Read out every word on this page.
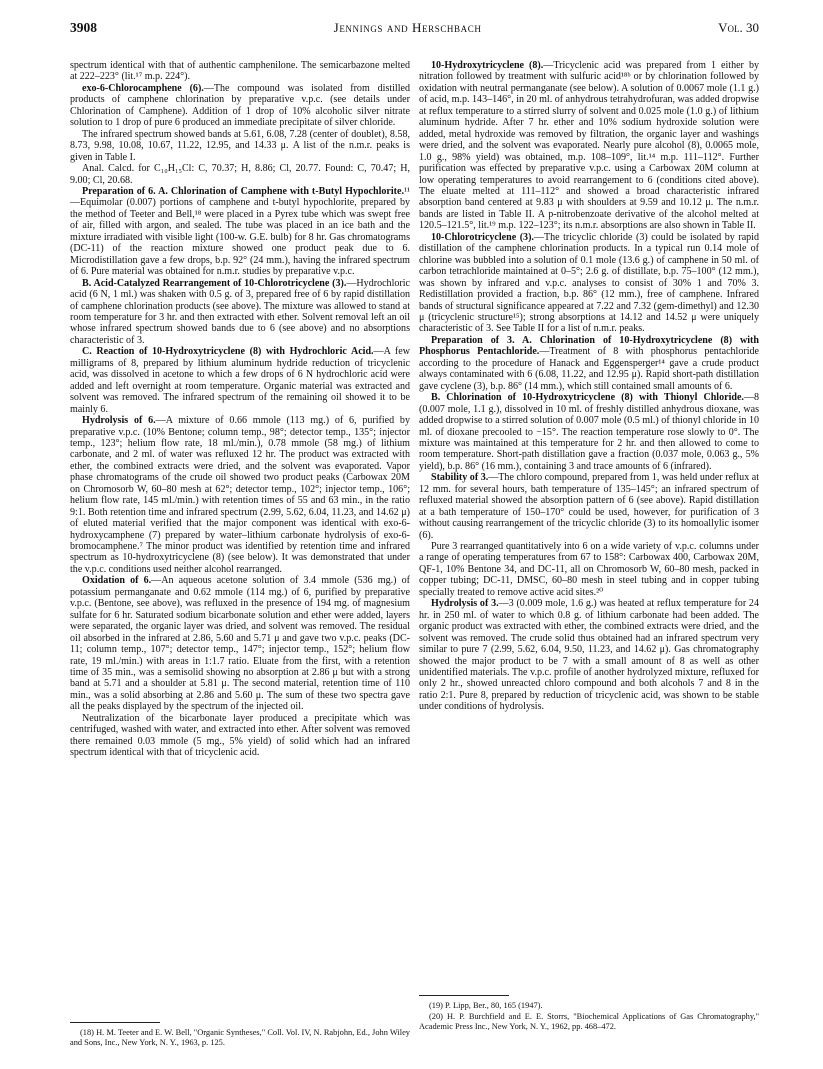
3908	Jennings and Herschbach	Vol. 30

spectrum identical with that of authentic camphenilone. The semicarbazone melted at 222–223° (lit.¹⁷ m.p. 224°).

exo-6-Chlorocamphene (6).—The compound was isolated from distilled products of camphene chlorination by preparative v.p.c. (see details under Chlorination of Camphene). Addition of 1 drop of 10% alcoholic silver nitrate solution to 1 drop of pure 6 produced an immediate precipitate of silver chloride.

The infrared spectrum showed bands at 5.61, 6.08, 7.28 (center of doublet), 8.58, 8.73, 9.98, 10.08, 10.67, 11.22, 12.95, and 14.33 μ. A list of the n.m.r. peaks is given in Table I.

Anal. Calcd. for C₁₀H₁₅Cl: C, 70.37; H, 8.86; Cl, 20.77. Found: C, 70.47; H, 9.00; Cl, 20.68.

Preparation of 6. A. Chlorination of Camphene with t-Butyl Hypochlorite.¹¹—Equimolar (0.007) portions of camphene and t-butyl hypochlorite, prepared by the method of Teeter and Bell,¹⁸ were placed in a Pyrex tube which was swept free of air, filled with argon, and sealed. The tube was placed in an ice bath and the mixture irradiated with visible light (100-w. G.E. bulb) for 8 hr. Gas chromatograms (DC-11) of the reaction mixture showed one product peak due to 6. Microdistillation gave a few drops, b.p. 92° (24 mm.), having the infrared spectrum of 6. Pure material was obtained for n.m.r. studies by preparative v.p.c.

B. Acid-Catalyzed Rearrangement of 10-Chlorotricyclene (3).—Hydrochloric acid (6 N, 1 ml.) was shaken with 0.5 g. of 3, prepared free of 6 by rapid distillation of camphene chlorination products (see above). The mixture was allowed to stand at room temperature for 3 hr. and then extracted with ether. Solvent removal left an oil whose infrared spectrum showed bands due to 6 (see above) and no absorptions characteristic of 3.

C. Reaction of 10-Hydroxytricyclene (8) with Hydrochloric Acid.—A few milligrams of 8, prepared by lithium aluminum hydride reduction of tricyclenic acid, was dissolved in acetone to which a few drops of 6 N hydrochloric acid were added and left overnight at room temperature. Organic material was extracted and solvent was removed. The infrared spectrum of the remaining oil showed it to be mainly 6.

Hydrolysis of 6.—A mixture of 0.66 mmole (113 mg.) of 6, purified by preparative v.p.c. (10% Bentone; column temp., 98°; detector temp., 135°; injector temp., 123°; helium flow rate, 18 ml./min.), 0.78 mmole (58 mg.) of lithium carbonate, and 2 ml. of water was refluxed 12 hr. The product was extracted with ether, the combined extracts were dried, and the solvent was evaporated. Vapor phase chromatograms of the crude oil showed two product peaks (Carbowax 20M on Chromosorb W, 60–80 mesh at 62°; detector temp., 102°; injector temp., 106°; helium flow rate, 145 ml./min.) with retention times of 55 and 63 min., in the ratio 9:1. Both retention time and infrared spectrum (2.99, 5.62, 6.04, 11.23, and 14.62 μ) of eluted material verified that the major component was identical with exo-6-hydroxycamphene (7) prepared by water–lithium carbonate hydrolysis of exo-6-bromocamphene.⁷ The minor product was identified by retention time and infrared spectrum as 10-hydroxytricyclene (8) (see below). It was demonstrated that under the v.p.c. conditions used neither alcohol rearranged.

Oxidation of 6.—An aqueous acetone solution of 3.4 mmole (536 mg.) of potassium permanganate and 0.62 mmole (114 mg.) of 6, purified by preparative v.p.c. (Bentone, see above), was refluxed in the presence of 194 mg. of magnesium sulfate for 6 hr. Saturated sodium bicarbonate solution and ether were added, layers were separated, the organic layer was dried, and solvent was removed. The residual oil absorbed in the infrared at 2.86, 5.60 and 5.71 μ and gave two v.p.c. peaks (DC-11; column temp., 107°; detector temp., 147°; injector temp., 152°; helium flow rate, 19 ml./min.) with areas in 1:1.7 ratio. Eluate from the first, with a retention time of 35 min., was a semisolid showing no absorption at 2.86 μ but with a strong band at 5.71 and a shoulder at 5.81 μ. The second material, retention time of 110 min., was a solid absorbing at 2.86 and 5.60 μ. The sum of these two spectra gave all the peaks displayed by the spectrum of the injected oil.

Neutralization of the bicarbonate layer produced a precipitate which was centrifuged, washed with water, and extracted into ether. After solvent was removed there remained 0.03 mmole (5 mg., 5% yield) of solid which had an infrared spectrum identical with that of tricyclenic acid.

10-Hydroxytricyclene (8).—Tricyclenic acid was prepared from 1 either by nitration followed by treatment with sulfuric acid¹⁸ᵇ or by chlorination followed by oxidation with neutral permanganate (see below). A solution of 0.0067 mole (1.1 g.) of acid, m.p. 143–146°, in 20 ml. of anhydrous tetrahydrofuran, was added dropwise at reflux temperature to a stirred slurry of solvent and 0.025 mole (1.0 g.) of lithium aluminum hydride. After 7 hr. ether and 10% sodium hydroxide solution were added, metal hydroxide was removed by filtration, the organic layer and washings were dried, and the solvent was evaporated. Nearly pure alcohol (8), 0.0065 mole, 1.0 g., 98% yield) was obtained, m.p. 108–109°, lit.¹⁴ m.p. 111–112°. Further purification was effected by preparative v.p.c. using a Carbowax 20M column at low operating temperatures to avoid rearrangement to 6 (conditions cited above). The eluate melted at 111–112° and showed a broad characteristic infrared absorption band centered at 9.83 μ with shoulders at 9.59 and 10.12 μ. The n.m.r. bands are listed in Table II. A p-nitrobenzoate derivative of the alcohol melted at 120.5–121.5°, lit.¹⁹ m.p. 122–123°; its n.m.r. absorptions are also shown in Table II.

10-Chlorotricyclene (3).—The tricyclic chloride (3) could be isolated by rapid distillation of the camphene chlorination products. In a typical run 0.14 mole of chlorine was bubbled into a solution of 0.1 mole (13.6 g.) of camphene in 50 ml. of carbon tetrachloride maintained at 0–5°; 2.6 g. of distillate, b.p. 75–100° (12 mm.), was shown by infrared and v.p.c. analyses to consist of 30% 1 and 70% 3. Redistillation provided a fraction, b.p. 86° (12 mm.), free of camphene. Infrared bands of structural significance appeared at 7.22 and 7.32 (gem-dimethyl) and 12.30 μ (tricyclenic structure¹⁵); strong absorptions at 14.12 and 14.52 μ were uniquely characteristic of 3. See Table II for a list of n.m.r. peaks.

Preparation of 3. A. Chlorination of 10-Hydroxytricyclene (8) with Phosphorus Pentachloride.—Treatment of 8 with phosphorus pentachloride according to the procedure of Hanack and Eggensperger¹⁴ gave a crude product always contaminated with 6 (6.08, 11.22, and 12.95 μ). Rapid short-path distillation gave cyclene (3), b.p. 86° (14 mm.), which still contained small amounts of 6.

B. Chlorination of 10-Hydroxytricyclene (8) with Thionyl Chloride.—8 (0.007 mole, 1.1 g.), dissolved in 10 ml. of freshly distilled anhydrous dioxane, was added dropwise to a stirred solution of 0.007 mole (0.5 ml.) of thionyl chloride in 10 ml. of dioxane precooled to −15°. The reaction temperature rose slowly to 0°. The mixture was maintained at this temperature for 2 hr. and then allowed to come to room temperature. Short-path distillation gave a fraction (0.037 mole, 0.063 g., 5% yield), b.p. 86° (16 mm.), containing 3 and trace amounts of 6 (infrared).

Stability of 3.—The chloro compound, prepared from 1, was held under reflux at 12 mm. for several hours, bath temperature of 135–145°; an infrared spectrum of refluxed material showed the absorption pattern of 6 (see above). Rapid distillation at a bath temperature of 150–170° could be used, however, for purification of 3 without causing rearrangement of the tricyclic chloride (3) to its homoallylic isomer (6).

Pure 3 rearranged quantitatively into 6 on a wide variety of v.p.c. columns under a range of operating temperatures from 67 to 158°: Carbowax 400, Carbowax 20M, QF-1, 10% Bentone 34, and DC-11, all on Chromosorb W, 60–80 mesh, packed in copper tubing; DC-11, DMSC, 60–80 mesh in steel tubing and in copper tubing specially treated to remove active acid sites.²⁰

Hydrolysis of 3.—3 (0.009 mole, 1.6 g.) was heated at reflux temperature for 24 hr. in 250 ml. of water to which 0.8 g. of lithium carbonate had been added. The organic product was extracted with ether, the combined extracts were dried, and the solvent was removed. The crude solid thus obtained had an infrared spectrum very similar to pure 7 (2.99, 5.62, 6.04, 9.50, 11.23, and 14.62 μ). Gas chromatography showed the major product to be 7 with a small amount of 8 as well as other unidentified materials. The v.p.c. profile of another hydrolyzed mixture, refluxed for only 2 hr., showed unreacted chloro compound and both alcohols 7 and 8 in the ratio 2:1. Pure 8, prepared by reduction of tricyclenic acid, was shown to be stable under conditions of hydrolysis.

(18) H. M. Teeter and E. W. Bell, "Organic Syntheses," Coll. Vol. IV, N. Rabjohn, Ed., John Wiley and Sons, Inc., New York, N. Y., 1963, p. 125.

(19) P. Lipp, Ber., 80, 165 (1947).

(20) H. P. Burchfield and E. E. Storrs, "Biochemical Applications of Gas Chromatography," Academic Press Inc., New York, N. Y., 1962, pp. 468–472.
